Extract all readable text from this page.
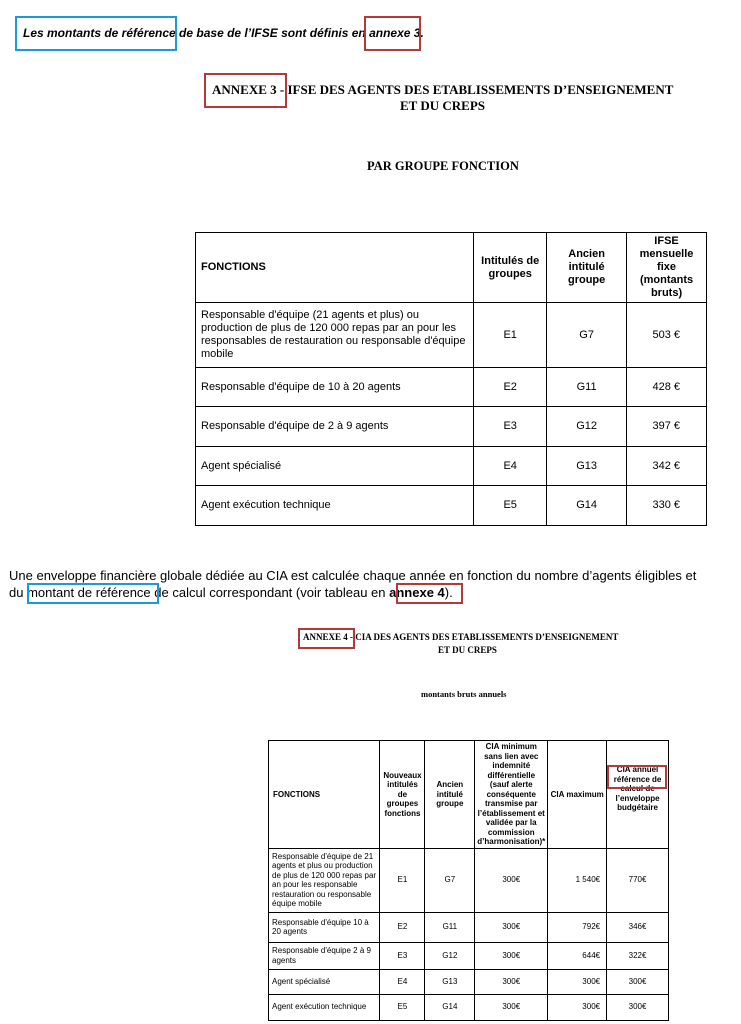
Les montants de référence de base de l’IFSE sont définis en annexe 3.
ANNEXE 3 - IFSE DES AGENTS DES ETABLISSEMENTS D’ENSEIGNEMENT
ET DU CREPS
PAR GROUPE FONCTION
FONCTIONS	Intitulés de groupes	Ancien intitulé groupe	IFSE mensuelle fixe (montants bruts)
Responsable d'équipe (21 agents et plus) ou production de plus de 120 000 repas par an pour les responsables de restauration ou responsable d'équipe mobile	E1	G7	503 €
Responsable d'équipe de 10 à 20 agents	E2	G11	428 €
Responsable d'équipe de 2 à 9 agents	E3	G12	397 €
Agent spécialisé	E4	G13	342 €
Agent exécution technique	E5	G14	330 €
Une enveloppe financière globale dédiée au CIA est calculée chaque année en fonction du nombre d’agents éligibles et
du montant de référence de calcul correspondant (voir tableau en annexe 4).
ANNEXE 4 - CIA DES AGENTS DES ETABLISSEMENTS D’ENSEIGNEMENT
ET DU CREPS
montants bruts annuels
FONCTIONS	Nouveaux intitulés de groupes fonctions	Ancien intitulé groupe	CIA minimum sans lien avec indemnité différentielle (sauf alerte conséquente transmise par l’établissement et validée par la commission d’harmonisation)*	CIA maximum	CIA annuel référence de calcul de l’enveloppe budgétaire
Responsable d'équipe de 21 agents et plus ou production de plus de 120 000 repas par an pour les responsable restauration ou responsable équipe mobile	E1	G7	300€	1 540€	770€
Responsable d'équipe 10 à 20 agents	E2	G11	300€	792€	346€
Responsable d'équipe 2 à 9 agents	E3	G12	300€	644€	322€
Agent spécialisé	E4	G13	300€	300€	300€
Agent exécution technique	E5	G14	300€	300€	300€
